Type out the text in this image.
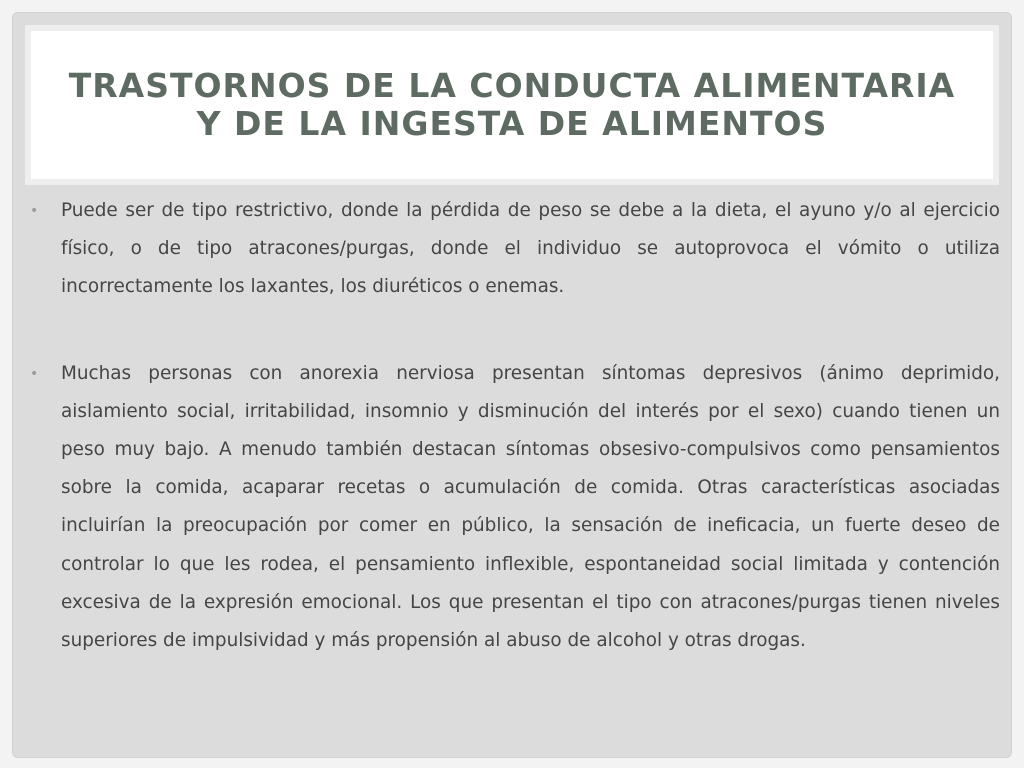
TRASTORNOS DE LA CONDUCTA ALIMENTARIA
Y DE LA INGESTA DE ALIMENTOS
•	Puede ser de tipo restrictivo, donde la pérdida de peso se debe a la dieta, el ayuno y/o al ejercicio físico, o de tipo atracones/purgas, donde el individuo se autoprovoca el vómito o utiliza incorrectamente los laxantes, los diuréticos o enemas.
•	Muchas personas con anorexia nerviosa presentan síntomas depresivos (ánimo deprimido, aislamiento social, irritabilidad, insomnio y disminución del interés por el sexo) cuando tienen un peso muy bajo. A menudo también destacan síntomas obsesivo-compulsivos como pensamientos sobre la comida, acaparar recetas o acumulación de comida. Otras características asociadas incluirían la preocupación por comer en público, la sensación de ineficacia, un fuerte deseo de controlar lo que les rodea, el pensamiento inflexible, espontaneidad social limitada y contención excesiva de la expresión emocional. Los que presentan el tipo con atracones/purgas tienen niveles superiores de impulsividad y más propensión al abuso de alcohol y otras drogas.
